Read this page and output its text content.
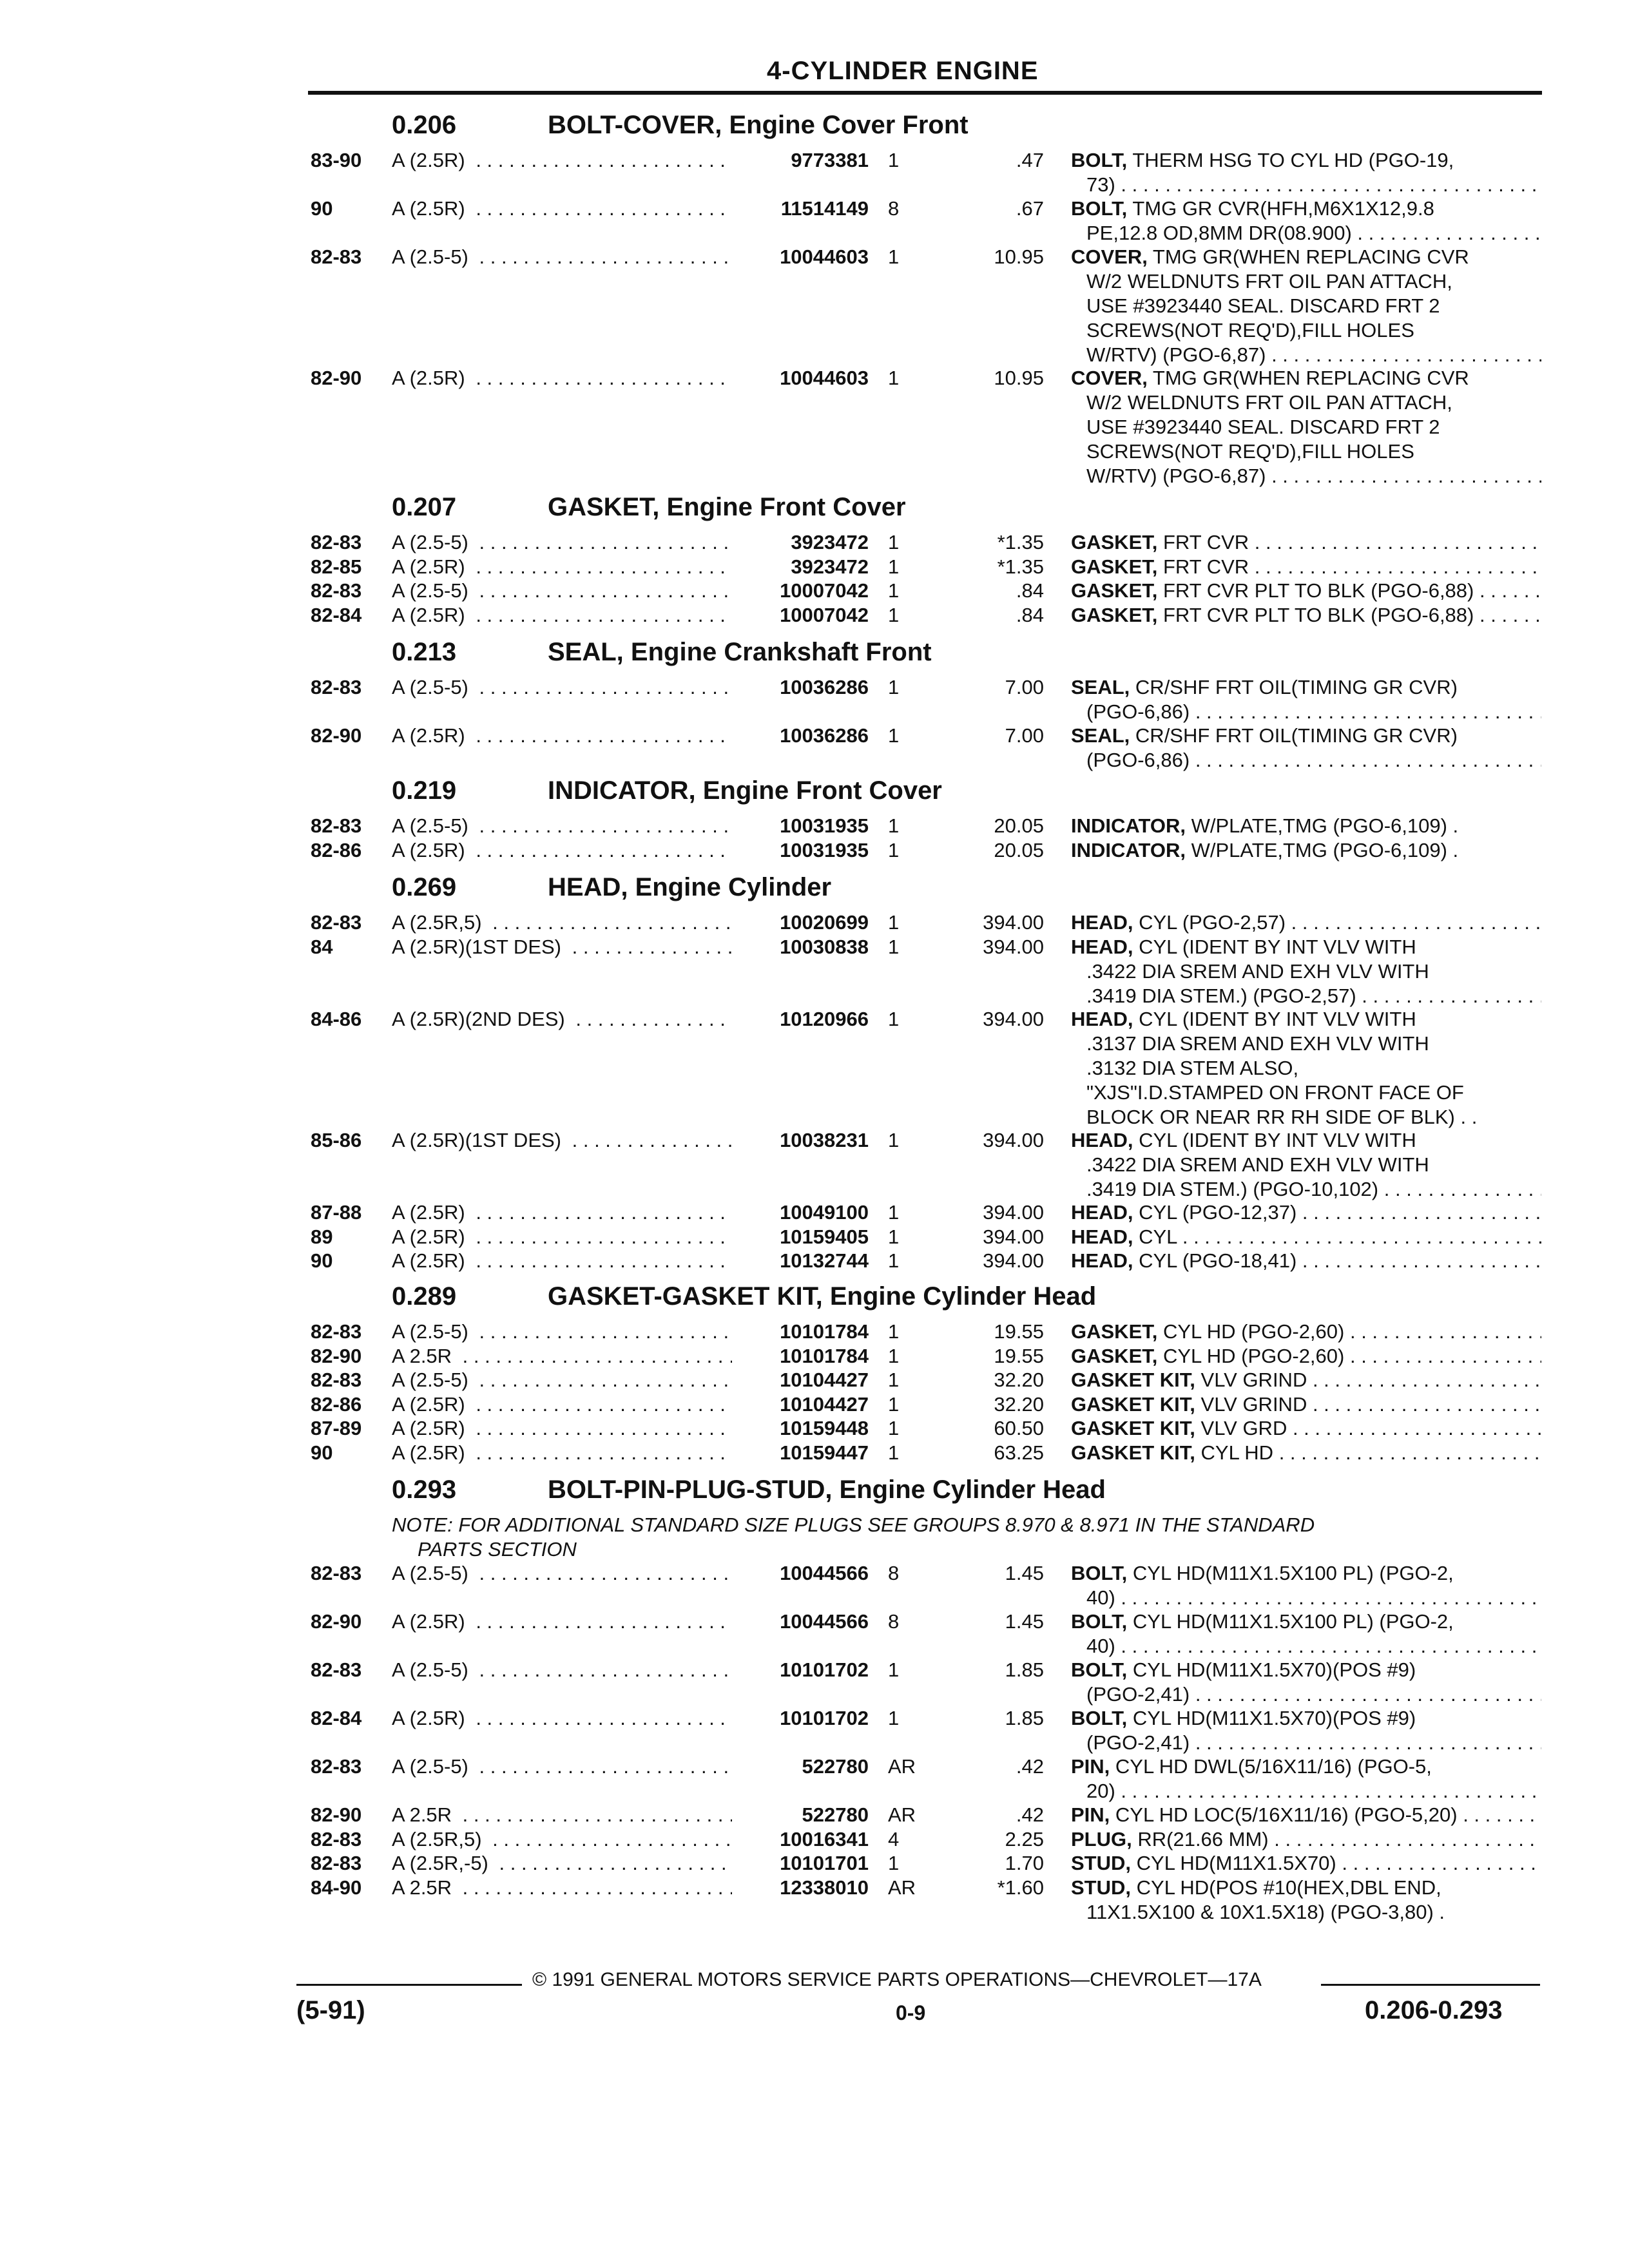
4-CYLINDER ENGINE
0.206	BOLT-COVER, Engine Cover Front
83-90 A (2.5R) . . .	9773381 1	.47 BOLT, THERM HSG TO CYL HD (PGO-19,
73) . . .
90	A (2.5R) . . .	11514149 8	.67 BOLT, TMG GR CVR(HFH,M6X1X12,9.8
PE,12.8 OD,8MM DR(08.900) . . .
82-83 A (2.5-5) . . .	10044603 1	10.95 COVER, TMG GR(WHEN REPLACING CVR
W/2 WELDNUTS FRT OIL PAN ATTACH,
USE #3923440 SEAL. DISCARD FRT 2
SCREWS(NOT REQ'D),FILL HOLES
W/RTV) (PGO-6,87) . . .
82-90 A (2.5R) . . .	10044603 1	10.95 COVER, TMG GR(WHEN REPLACING CVR
W/2 WELDNUTS FRT OIL PAN ATTACH,
USE #3923440 SEAL. DISCARD FRT 2
SCREWS(NOT REQ'D),FILL HOLES
W/RTV) (PGO-6,87) . . .
0.207	GASKET, Engine Front Cover
82-83 A (2.5-5) . . .	3923472 1	*1.35 GASKET, FRT CVR . . .
82-85 A (2.5R) . . .	3923472 1	*1.35 GASKET, FRT CVR . . .
82-83 A (2.5-5) . . .	10007042 1	.84 GASKET, FRT CVR PLT TO BLK (PGO-6,88) . . .
82-84 A (2.5R) . . .	10007042 1	.84 GASKET, FRT CVR PLT TO BLK (PGO-6,88) . . .
0.213	SEAL, Engine Crankshaft Front
82-83 A (2.5-5) . . .	10036286 1	7.00 SEAL, CR/SHF FRT OIL(TIMING GR CVR)
(PGO-6,86) . . .
82-90 A (2.5R) . . .	10036286 1	7.00 SEAL, CR/SHF FRT OIL(TIMING GR CVR)
(PGO-6,86) . . .
0.219	INDICATOR, Engine Front Cover
82-83 A (2.5-5) . . .	10031935 1	20.05 INDICATOR, W/PLATE,TMG (PGO-6,109) .
82-86 A (2.5R) . . .	10031935 1	20.05 INDICATOR, W/PLATE,TMG (PGO-6,109) .
0.269	HEAD, Engine Cylinder
82-83 A (2.5R,5) . . .	10020699 1	394.00 HEAD, CYL (PGO-2,57) . . .
84	A (2.5R)(1ST DES) . . .	10030838 1	394.00 HEAD, CYL (IDENT BY INT VLV WITH
.3422 DIA SREM AND EXH VLV WITH
.3419 DIA STEM.) (PGO-2,57) . . .
84-86 A (2.5R)(2ND DES) . . .	10120966 1	394.00 HEAD, CYL (IDENT BY INT VLV WITH
.3137 DIA SREM AND EXH VLV WITH
.3132 DIA STEM ALSO,
"XJS"I.D.STAMPED ON FRONT FACE OF
BLOCK OR NEAR RR RH SIDE OF BLK) . .
85-86 A (2.5R)(1ST DES) . . .	10038231 1	394.00 HEAD, CYL (IDENT BY INT VLV WITH
.3422 DIA SREM AND EXH VLV WITH
.3419 DIA STEM.) (PGO-10,102) . . .
87-88 A (2.5R) . . .	10049100 1	394.00 HEAD, CYL (PGO-12,37) . . .
89	A (2.5R) . . .	10159405 1	394.00 HEAD, CYL . . .
90	A (2.5R) . . .	10132744 1	394.00 HEAD, CYL (PGO-18,41) . . .
0.289	GASKET-GASKET KIT, Engine Cylinder Head
82-83 A (2.5-5) . . .	10101784 1	19.55 GASKET, CYL HD (PGO-2,60) . . .
82-90 A 2.5R . . .	10101784 1	19.55 GASKET, CYL HD (PGO-2,60) . . .
82-83 A (2.5-5) . . .	10104427 1	32.20 GASKET KIT, VLV GRIND . . .
82-86 A (2.5R) . . .	10104427 1	32.20 GASKET KIT, VLV GRIND . . .
87-89 A (2.5R) . . .	10159448 1	60.50 GASKET KIT, VLV GRD . . .
90	A (2.5R) . . .	10159447 1	63.25 GASKET KIT, CYL HD . . .
0.293	BOLT-PIN-PLUG-STUD, Engine Cylinder Head
NOTE: FOR ADDITIONAL STANDARD SIZE PLUGS SEE GROUPS 8.970 & 8.971 IN THE STANDARD
PARTS SECTION
82-83 A (2.5-5) . . .	10044566 8	1.45 BOLT, CYL HD(M11X1.5X100 PL) (PGO-2,
40) . . .
82-90 A (2.5R) . . .	10044566 8	1.45 BOLT, CYL HD(M11X1.5X100 PL) (PGO-2,
40) . . .
82-83 A (2.5-5) . . .	10101702 1	1.85 BOLT, CYL HD(M11X1.5X70)(POS #9)
(PGO-2,41) . . .
82-84 A (2.5R) . . .	10101702 1	1.85 BOLT, CYL HD(M11X1.5X70)(POS #9)
(PGO-2,41) . . .
82-83 A (2.5-5) . . .	522780 AR	.42 PIN, CYL HD DWL(5/16X11/16) (PGO-5,
20) . . .
82-90 A 2.5R . . .	522780 AR	.42 PIN, CYL HD LOC(5/16X11/16) (PGO-5,20) . . .
82-83 A (2.5R,5) . . .	10016341 4	2.25 PLUG, RR(21.66 MM) . . .
82-83 A (2.5R,-5) . . .	10101701 1	1.70 STUD, CYL HD(M11X1.5X70) . . .
84-90 A 2.5R . . .	12338010 AR	*1.60 STUD, CYL HD(POS #10(HEX,DBL END,
11X1.5X100 & 10X1.5X18) (PGO-3,80) .
© 1991 GENERAL MOTORS SERVICE PARTS OPERATIONS—CHEVROLET—17A
(5-91)	0-9	0.206-0.293
